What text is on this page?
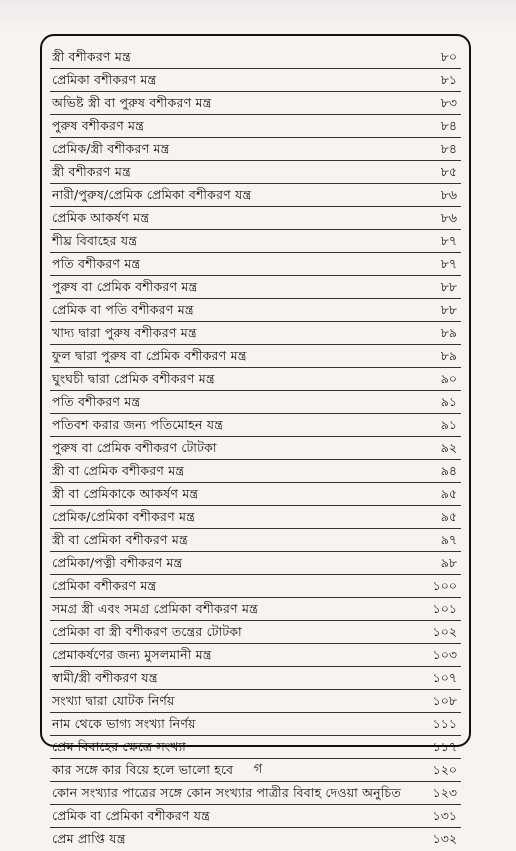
স্ত্রী বশীকরণ মন্ত্র	৮০
প্রেমিকা বশীকরণ মন্ত্র	৮১
অভিষ্ট স্ত্রী বা পুরুষ বশীকরণ মন্ত্র	৮৩
পুরুষ বশীকরণ মন্ত্র	৮৪
প্রেমিক/স্ত্রী বশীকরণ মন্ত্র	৮৪
স্ত্রী বশীকরণ মন্ত্র	৮৫
নারী/পুরুষ/প্রেমিক প্রেমিকা বশীকরণ যন্ত্র	৮৬
প্রেমিক আকর্ষণ মন্ত্র	৮৬
শীঘ্র বিবাহের যন্ত্র	৮৭
পতি বশীকরণ মন্ত্র	৮৭
পুরুষ বা প্রেমিক বশীকরণ মন্ত্র	৮৮
প্রেমিক বা পতি বশীকরণ মন্ত্র	৮৮
খাদ্য দ্বারা পুরুষ বশীকরণ মন্ত্র	৮৯
ফুল দ্বারা পুরুষ বা প্রেমিক বশীকরণ মন্ত্র	৮৯
ঘুংঘচী দ্বারা প্রেমিক বশীকরণ মন্ত্র	৯০
পতি বশীকরণ মন্ত্র	৯১
পতিবশ করার জন্য পতিমোহন যন্ত্র	৯১
পুরুষ বা প্রেমিক বশীকরণ টোটকা	৯২
স্ত্রী বা প্রেমিক বশীকরণ মন্ত্র	৯৪
স্ত্রী বা প্রেমিকাকে আকর্ষণ মন্ত্র	৯৫
প্রেমিক/প্রেমিকা বশীকরণ মন্ত্র	৯৫
স্ত্রী বা প্রেমিকা বশীকরণ মন্ত্র	৯৭
প্রেমিকা/পত্নী বশীকরণ মন্ত্র	৯৮
প্রেমিকা বশীকরণ মন্ত্র	১০০
সমগ্র স্ত্রী এবং সমগ্র প্রেমিকা বশীকরণ মন্ত্র	১০১
প্রেমিকা বা স্ত্রী বশীকরণ তন্ত্রের টোটকা	১০২
প্রেমাকর্ষণের জন্য মুসলমানী মন্ত্র	১০৩
স্বামী/স্ত্রী বশীকরণ যন্ত্র	১০৭
সংখ্যা দ্বারা যোটক নির্ণয়	১০৮
নাম থেকে ভাগ্য সংখ্যা নির্ণয়	১১১
প্রেম বিবাহের ক্ষেত্রে সংখ্যা	১১৭
কার সঙ্গে কার বিয়ে হলে ভালো হবে	১২০
কোন সংখ্যার পাত্রের সঙ্গে কোন সংখ্যার পাত্রীর বিবাহ দেওয়া অনুচিত	১২৩
প্রেমিক বা প্রেমিকা বশীকরণ যন্ত্র	১৩১
প্রেম প্রাপ্তি যন্ত্র	১৩২
গ
